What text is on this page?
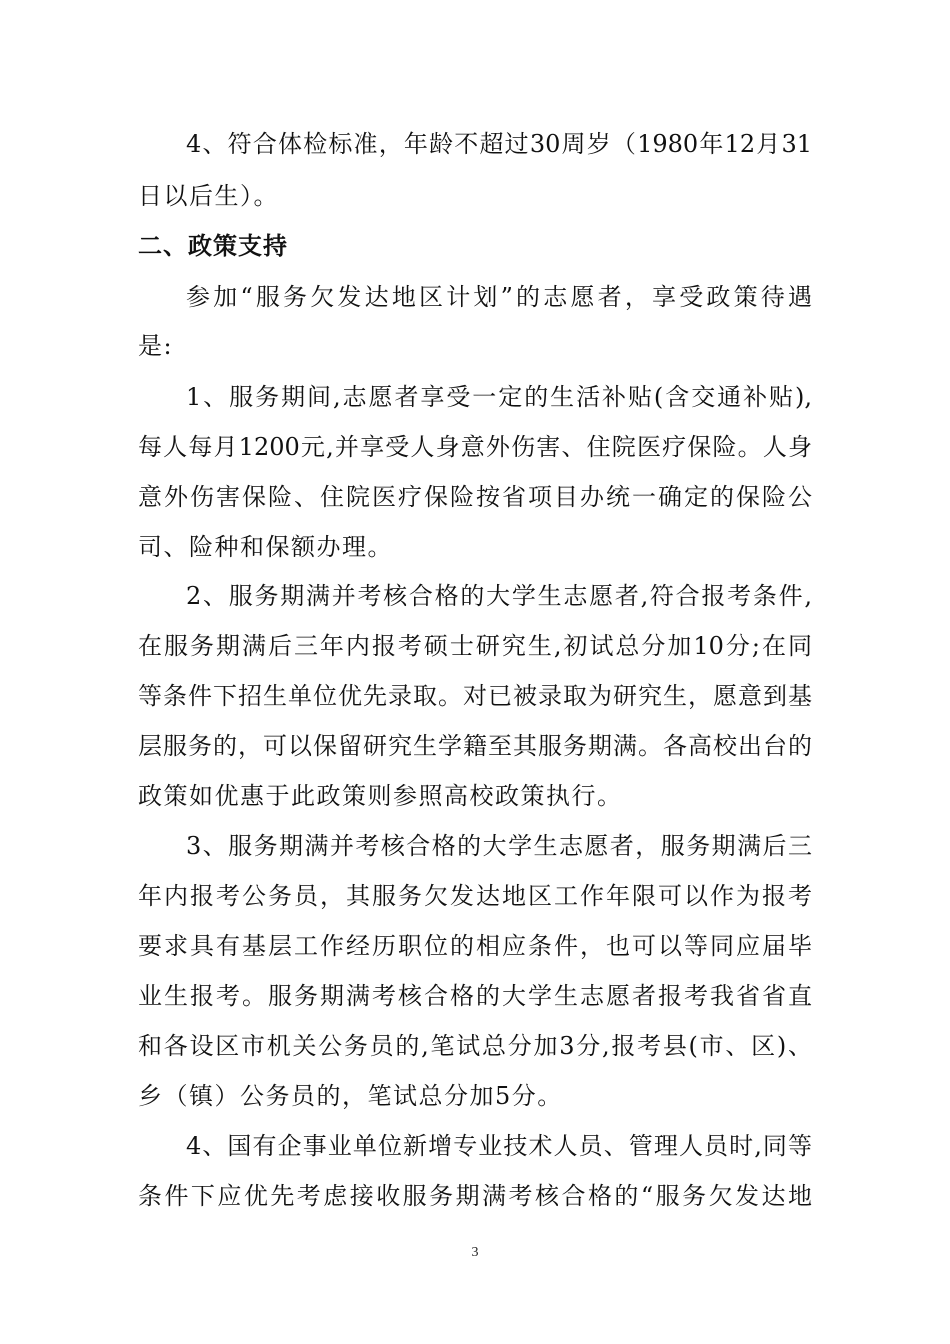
4、符合体检标准，年龄不超过30周岁（1980年12月31
日以后生）。
二、政策支持
参加“服务欠发达地区计划”的志愿者，享受政策待遇
是:
1、服务期间,志愿者享受一定的生活补贴(含交通补贴),
每人每月1200元,并享受人身意外伤害、住院医疗保险。人身
意外伤害保险、住院医疗保险按省项目办统一确定的保险公
司、险种和保额办理。
2、服务期满并考核合格的大学生志愿者,符合报考条件,
在服务期满后三年内报考硕士研究生,初试总分加10分;在同
等条件下招生单位优先录取。对已被录取为研究生，愿意到基
层服务的，可以保留研究生学籍至其服务期满。各高校出台的
政策如优惠于此政策则参照高校政策执行。
3、服务期满并考核合格的大学生志愿者，服务期满后三
年内报考公务员，其服务欠发达地区工作年限可以作为报考
要求具有基层工作经历职位的相应条件，也可以等同应届毕
业生报考。服务期满考核合格的大学生志愿者报考我省省直
和各设区市机关公务员的,笔试总分加3分,报考县(市、区)、
乡（镇）公务员的，笔试总分加5分。
4、国有企事业单位新增专业技术人员、管理人员时,同等
条件下应优先考虑接收服务期满考核合格的“服务欠发达地
3
